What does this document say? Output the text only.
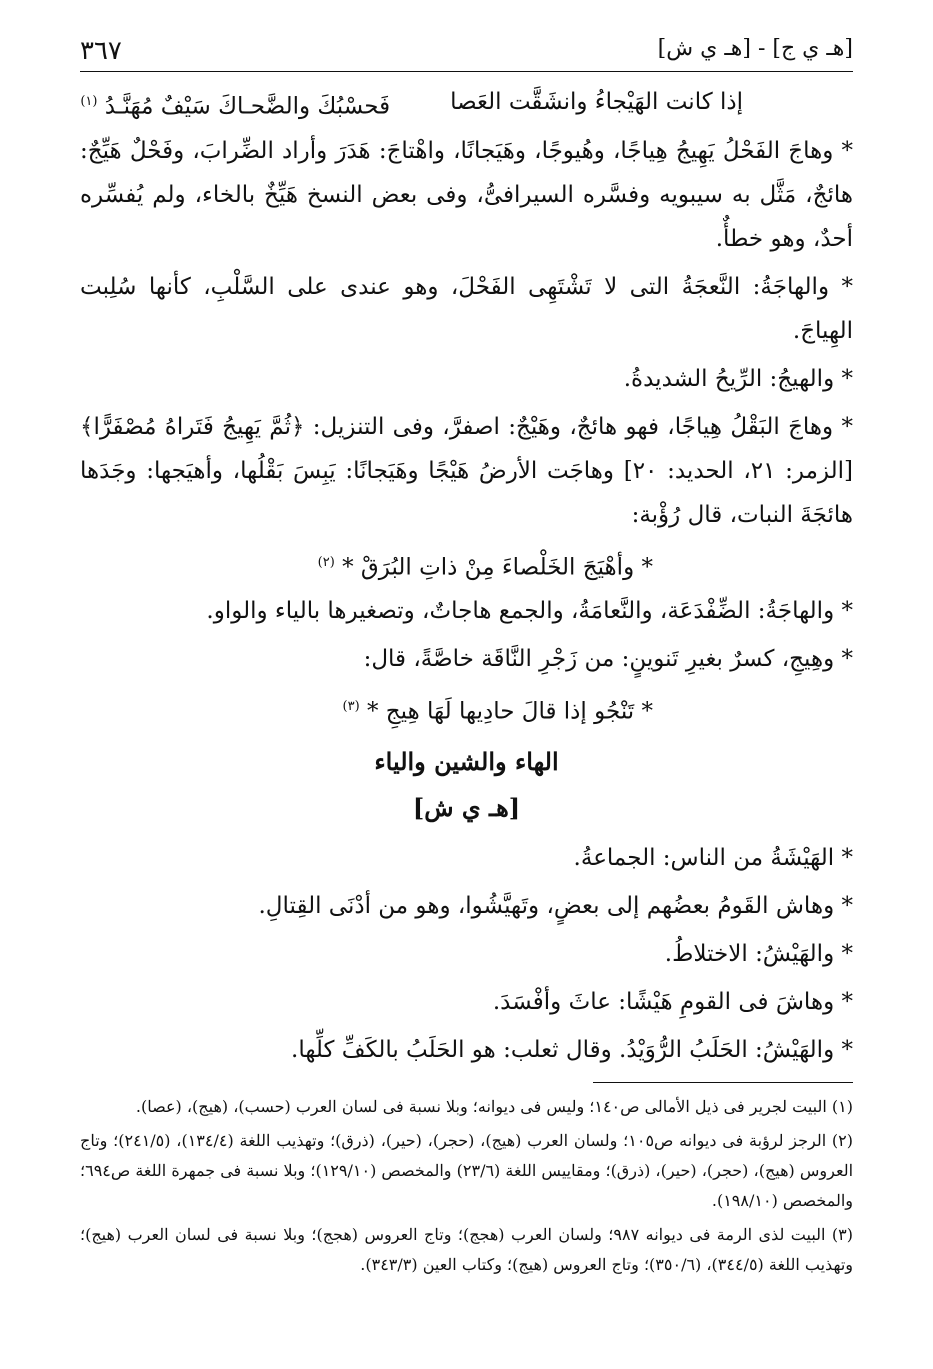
[هـ ي ج] - [هـ ي ش]
٣٦٧
إذا كانت الهَيْجاءُ وانشَقَّت العَصا
فَحسْبُكَ والضَّحـاكَ سَيْفٌ مُهَنَّـدُ $^{(١)}$

* وهاجَ الفَحْلُ يَهِيجُ هِياجًا، وهُيوجًا، وهَيَجانًا، واهْتاجَ: هَدَرَ وأراد الضِّرابَ، وفَحْلٌ هَيِّجٌ: هائجٌ، مَثَّل به سيبويه وفسَّره السيرافىُّ، وفى بعض النسخ هَيِّخٌ بالخاء، ولم يُفسِّره أحدٌ، وهو خطأٌ.

* والهاجَةُ: النَّعجَةُ التى لا تَشْتَهِى الفَحْلَ، وهو عندى على السَّلْبِ، كأنها سُلِبت الهِياجَ.

* والهيجُ: الرِّيحُ الشديدةُ.

* وهاجَ البَقْلُ هِياجًا، فهو هائجٌ، وهَيْجٌ: اصفرَّ، وفى التنزيل: ﴿ثُمَّ يَهِيجُ فَتَراهُ مُصْفَرًّا﴾ [الزمر: ٢١، الحديد: ٢٠] وهاجَت الأرضُ هَيْجًا وهَيَجانًا: يَبِسَ بَقْلُها، وأهيَجها: وجَدَها هائجَةَ النبات، قال رُؤْبة:

* وأهْيَجَ الخَلْصاءَ مِنْ ذاتِ البُرَقْ * $^{(٢)}$

* والهاجَةُ: الضِّفْدَعَة، والنَّعامَةُ، والجمع هاجاتٌ، وتصغيرها بالياء والواو.

* وهِيجِ، كسرٌ بغيرِ تَنوينٍ: من زَجْرِ النَّاقَة خاصَّةً، قال:

* تَنْجُو إذا قالَ حادِيها لَهَا هِيجِ * $^{(٣)}$
الهاء والشين والياء
[هـ ي ش]

* الهَيْشَةُ من الناس: الجماعةُ.

* وهاش القَومُ بعضُهم إلى بعضٍ، وتَهيَّشُوا، وهو من أدْنَى القِتالِ.

* والهَيْشُ: الاختلاطُ.

* وهاشَ فى القومِ هَيْشًا: عاثَ وأفْسَدَ.

* والهَيْشُ: الحَلَبُ الرُّوَيْدُ. وقال ثعلب: هو الحَلَبُ بالكَفِّ كلِّها.

(١) البيت لجرير فى ذيل الأمالى ص١٤٠؛ وليس فى ديوانه؛ وبلا نسبة فى لسان العرب (حسب)، (هيج)، (عصا).

(٢) الرجز لرؤبة فى ديوانه ص١٠٥؛ ولسان العرب (هيج)، (حجر)، (حير)، (ذرق)؛ وتهذيب اللغة (١٣٤/٤)، (٢٤١/٥)؛ وتاج العروس (هيج)، (حجر)، (حير)، (ذرق)؛ ومقاييس اللغة (٢٣/٦) والمخصص (١٢٩/١٠)؛ وبلا نسبة فى جمهرة اللغة ص٦٩٤؛ والمخصص (١٩٨/١٠).

(٣) البيت لذى الرمة فى ديوانه ٩٨٧؛ ولسان العرب (هجج)؛ وتاج العروس (هجج)؛ وبلا نسبة فى لسان العرب (هيج)؛ وتهذيب اللغة (٣٤٤/٥)، (٣٥٠/٦)؛ وتاج العروس (هيج)؛ وكتاب العين (٣٤٣/٣).
